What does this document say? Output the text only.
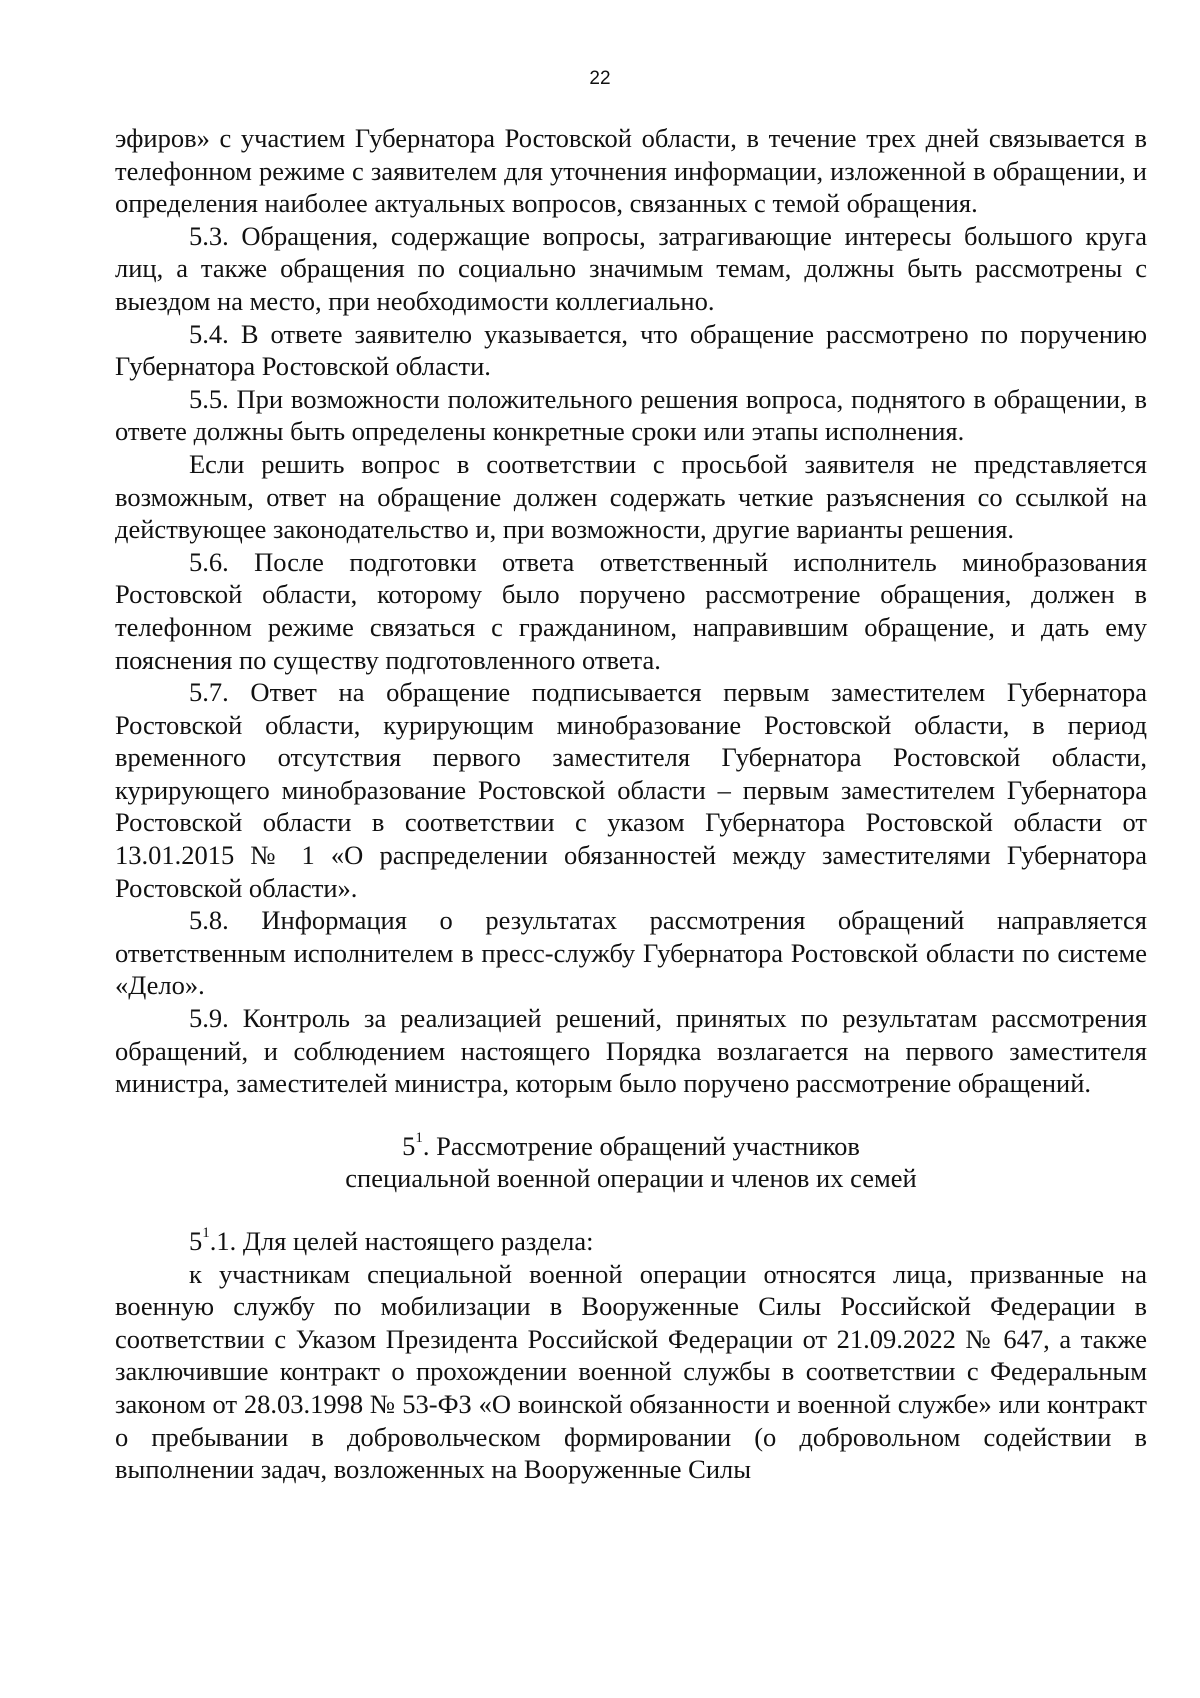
22

эфиров» с участием Губернатора Ростовской области, в течение трех дней связывается в телефонном режиме с заявителем для уточнения информации, изложенной в обращении, и определения наиболее актуальных вопросов, связанных с темой обращения.

5.3. Обращения, содержащие вопросы, затрагивающие интересы большого круга лиц, а также обращения по социально значимым темам, должны быть рассмотрены с выездом на место, при необходимости коллегиально.

5.4. В ответе заявителю указывается, что обращение рассмотрено по поручению Губернатора Ростовской области.

5.5. При возможности положительного решения вопроса, поднятого в обращении, в ответе должны быть определены конкретные сроки или этапы исполнения.

Если решить вопрос в соответствии с просьбой заявителя не представляется возможным, ответ на обращение должен содержать четкие разъяснения со ссылкой на действующее законодательство и, при возможности, другие варианты решения.

5.6. После подготовки ответа ответственный исполнитель минобразования Ростовской области, которому было поручено рассмотрение обращения, должен в телефонном режиме связаться с гражданином, направившим обращение, и дать ему пояснения по существу подготовленного ответа.

5.7. Ответ на обращение подписывается первым заместителем Губернатора Ростовской области, курирующим минобразование Ростовской области, в период временного отсутствия первого заместителя Губернатора Ростовской области, курирующего минобразование Ростовской области – первым заместителем Губернатора Ростовской области в соответствии с указом Губернатора Ростовской области от 13.01.2015 № 1 «О распределении обязанностей между заместителями Губернатора Ростовской области».

5.8. Информация о результатах рассмотрения обращений направляется ответственным исполнителем в пресс-службу Губернатора Ростовской области по системе «Дело».

5.9. Контроль за реализацией решений, принятых по результатам рассмотрения обращений, и соблюдением настоящего Порядка возлагается на первого заместителя министра, заместителей министра, которым было поручено рассмотрение обращений.

$5^1$. Рассмотрение обращений участников
специальной военной операции и членов их семей

$5^1.1$. Для целей настоящего раздела:

к участникам специальной военной операции относятся лица, призванные на военную службу по мобилизации в Вооруженные Силы Российской Федерации в соответствии с Указом Президента Российской Федерации от 21.09.2022 № 647, а также заключившие контракт о прохождении военной службы в соответствии с Федеральным законом от 28.03.1998 № 53-ФЗ «О воинской обязанности и военной службе» или контракт о пребывании в добровольческом формировании (о добровольном содействии в выполнении задач, возложенных на Вооруженные Силы
